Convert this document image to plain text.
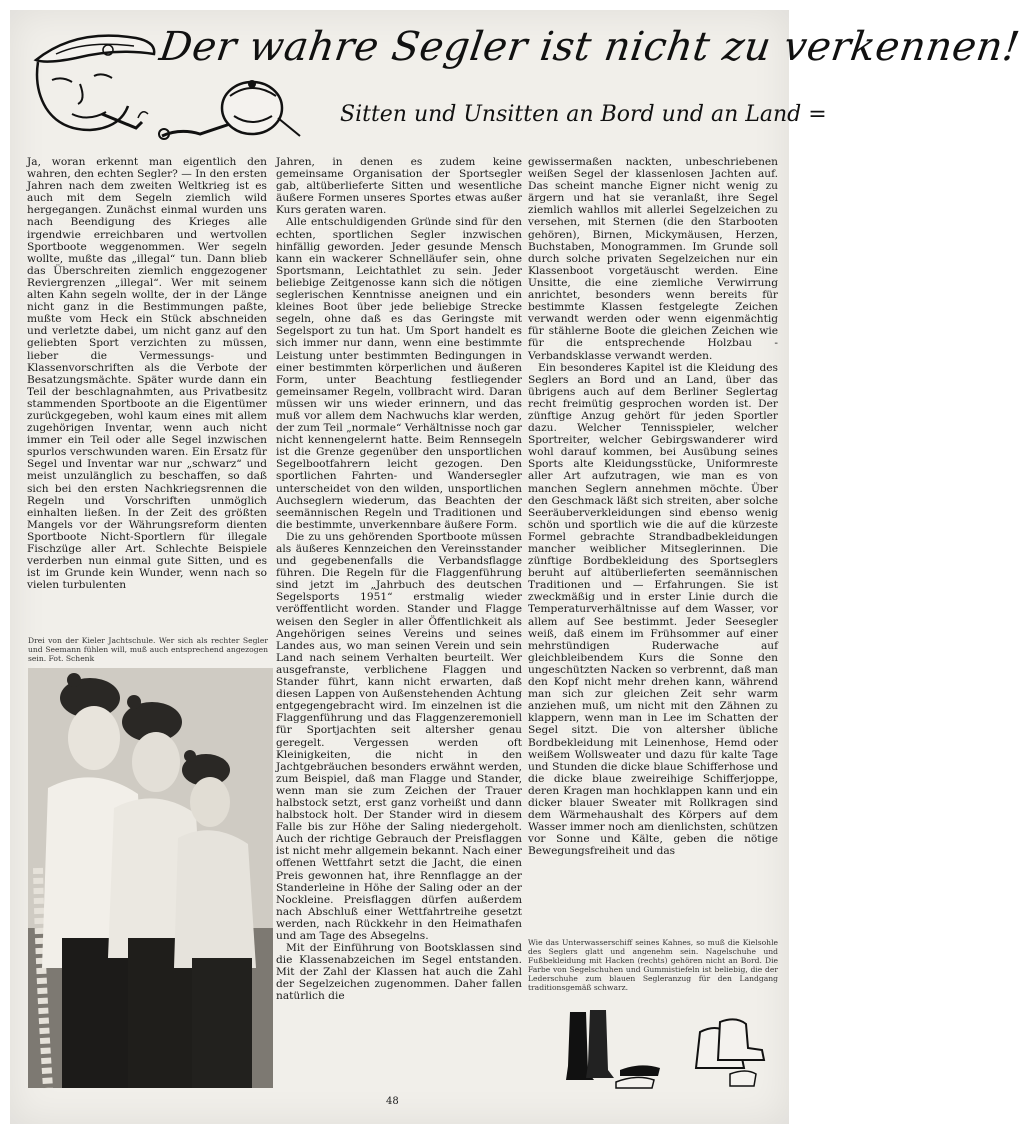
Der wahre Segler ist nicht zu verkennen!
Sitten und Unsitten an Bord und an Land =

Ja, woran erkennt man eigentlich den wahren, den echten Segler? — In den ersten Jahren nach dem zweiten Weltkrieg ist es auch mit dem Segeln ziemlich wild hergegangen. Zunächst einmal wurden uns nach Beendigung des Krieges alle irgendwie erreichbaren und wertvollen Sportboote weggenommen. Wer segeln wollte, mußte das „illegal“ tun. Dann blieb das Überschreiten ziemlich enggezogener Reviergrenzen „illegal“. Wer mit seinem alten Kahn segeln wollte, der in der Länge nicht ganz in die Bestimmungen paßte, mußte vom Heck ein Stück abschneiden und verletzte dabei, um nicht ganz auf den geliebten Sport verzichten zu müssen, lieber die Vermessungs- und Klassenvorschriften als die Verbote der Besatzungsmächte. Später wurde dann ein Teil der beschlagnahmten, aus Privatbesitz stammenden Sportboote an die Eigentümer zurückgegeben, wohl kaum eines mit allem zugehörigen Inventar, wenn auch nicht immer ein Teil oder alle Segel inzwischen spurlos verschwunden waren. Ein Ersatz für Segel und Inventar war nur „schwarz“ und meist unzulänglich zu beschaffen, so daß sich bei den ersten Nachkriegsrennen die Regeln und Vorschriften unmöglich einhalten ließen. In der Zeit des größten Mangels vor der Währungsreform dienten Sportboote Nicht-Sportlern für illegale Fischzüge aller Art. Schlechte Beispiele verderben nun einmal gute Sitten, und es ist im Grunde kein Wunder, wenn nach so vielen turbulenten

Drei von der Kieler Jachtschule. Wer sich als rechter Segler und Seemann fühlen will, muß auch entsprechend angezogen sein. Fot. Schenk

Jahren, in denen es zudem keine gemeinsame Organisation der Sportsegler gab, altüberlieferte Sitten und wesentliche äußere Formen unseres Sportes etwas außer Kurs geraten waren.

Alle entschuldigenden Gründe sind für den echten, sportlichen Segler inzwischen hinfällig geworden. Jeder gesunde Mensch kann ein wackerer Schnelläufer sein, ohne Sportsmann, Leichtathlet zu sein. Jeder beliebige Zeitgenosse kann sich die nötigen seglerischen Kenntnisse aneignen und ein kleines Boot über jede beliebige Strecke segeln, ohne daß es das Geringste mit Segelsport zu tun hat. Um Sport handelt es sich immer nur dann, wenn eine bestimmte Leistung unter bestimmten Bedingungen in einer bestimmten körperlichen und äußeren Form, unter Beachtung festliegender gemeinsamer Regeln, vollbracht wird. Daran müssen wir uns wieder erinnern, und das muß vor allem dem Nachwuchs klar werden, der zum Teil „normale“ Verhältnisse noch gar nicht kennengelernt hatte. Beim Rennsegeln ist die Grenze gegenüber den unsportlichen Segelbootfahrern leicht gezogen. Den sportlichen Fahrten- und Wandersegler unterscheidet von den wilden, unsportlichen Auchseglern wiederum, das Beachten der seemännischen Regeln und Traditionen und die bestimmte, unverkennbare äußere Form.

Die zu uns gehörenden Sportboote müssen als äußeres Kennzeichen den Vereinsstander und gegebenenfalls die Verbandsflagge führen. Die Regeln für die Flaggenführung sind jetzt im „Jahrbuch des deutschen Segelsports 1951“ erstmalig wieder veröffentlicht worden. Stander und Flagge weisen den Segler in aller Öffentlichkeit als Angehörigen seines Vereins und seines Landes aus, wo man seinen Verein und sein Land nach seinem Verhalten beurteilt. Wer ausgefranste, verblichene Flaggen und Stander führt, kann nicht erwarten, daß diesen Lappen von Außenstehenden Achtung entgegengebracht wird. Im einzelnen ist die Flaggenführung und das Flaggenzeremoniell für Sportjachten seit altersher genau geregelt. Vergessen werden oft Kleinigkeiten, die nicht in den Jachtgebräuchen besonders erwähnt werden, zum Beispiel, daß man Flagge und Stander, wenn man sie zum Zeichen der Trauer halbstock setzt, erst ganz vorheißt und dann halbstock holt. Der Stander wird in diesem Falle bis zur Höhe der Saling niedergeholt. Auch der richtige Gebrauch der Preisflaggen ist nicht mehr allgemein bekannt. Nach einer offenen Wettfahrt setzt die Jacht, die einen Preis gewonnen hat, ihre Rennflagge an der Standerleine in Höhe der Saling oder an der Nockleine. Preisflaggen dürfen außerdem nach Abschluß einer Wettfahrtreihe gesetzt werden, nach Rückkehr in den Heimathafen und am Tage des Absegelns.

Mit der Einführung von Bootsklassen sind die Klassenabzeichen im Segel entstanden. Mit der Zahl der Klassen hat auch die Zahl der Segelzeichen zugenommen. Daher fallen natürlich die

gewissermaßen nackten, unbeschriebenen weißen Segel der klassenlosen Jachten auf. Das scheint manche Eigner nicht wenig zu ärgern und hat sie veranlaßt, ihre Segel ziemlich wahllos mit allerlei Segelzeichen zu versehen, mit Sternen (die den Starbooten gehören), Birnen, Mickymäusen, Herzen, Buchstaben, Monogrammen. Im Grunde soll durch solche privaten Segelzeichen nur ein Klassenboot vorgetäuscht werden. Eine Unsitte, die eine ziemliche Verwirrung anrichtet, besonders wenn bereits für bestimmte Klassen festgelegte Zeichen verwandt werden oder wenn eigenmächtig für stählerne Boote die gleichen Zeichen wie für die entsprechende Holzbau - Verbandsklasse verwandt werden.

Ein besonderes Kapitel ist die Kleidung des Seglers an Bord und an Land, über das übrigens auch auf dem Berliner Seglertag recht freimütig gesprochen worden ist. Der zünftige Anzug gehört für jeden Sportler dazu. Welcher Tennisspieler, welcher Sportreiter, welcher Gebirgswanderer wird wohl darauf kommen, bei Ausübung seines Sports alte Kleidungsstücke, Uniformreste aller Art aufzutragen, wie man es von manchen Seglern annehmen möchte. Über den Geschmack läßt sich streiten, aber solche Seeräuberverkleidungen sind ebenso wenig schön und sportlich wie die auf die kürzeste Formel gebrachte Strandbadbekleidungen mancher weiblicher Mitseglerinnen. Die zünftige Bordbekleidung des Sportseglers beruht auf altüberlieferten seemännischen Traditionen und — Erfahrungen. Sie ist zweckmäßig und in erster Linie durch die Temperaturverhältnisse auf dem Wasser, vor allem auf See bestimmt. Jeder Seesegler weiß, daß einem im Frühsommer auf einer mehrstündigen Ruderwache auf gleichbleibendem Kurs die Sonne den ungeschützten Nacken so verbrennt, daß man den Kopf nicht mehr drehen kann, während man sich zur gleichen Zeit sehr warm anziehen muß, um nicht mit den Zähnen zu klappern, wenn man in Lee im Schatten der Segel sitzt. Die von altersher übliche Bordbekleidung mit Leinenhose, Hemd oder weißem Wollsweater und dazu für kalte Tage und Stunden die dicke blaue Schifferhose und die dicke blaue zweireihige Schifferjoppe, deren Kragen man hochklappen kann und ein dicker blauer Sweater mit Rollkragen sind dem Wärmehaushalt des Körpers auf dem Wasser immer noch am dienlichsten, schützen vor Sonne und Kälte, geben die nötige Bewegungsfreiheit und das

Wie das Unterwasserschiff seines Kahnes, so muß die Kielsohle des Seglers glatt und angenehm sein. Nagelschuhe und Fußbekleidung mit Hacken (rechts) gehören nicht an Bord. Die Farbe von Segelschuhen und Gummistiefeln ist beliebig, die der Lederschuhe zum blauen Segleranzug für den Landgang traditionsgemäß schwarz.
48
